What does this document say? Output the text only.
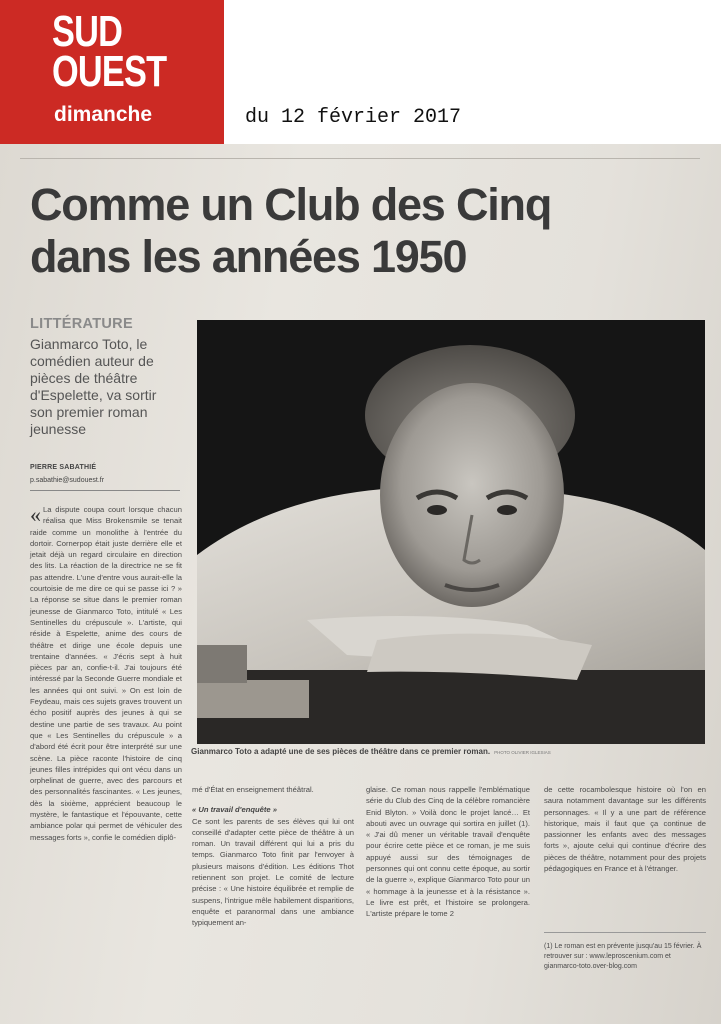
SUD
OUEST
dimanche	du 12 février 2017
Comme un Club des Cinq
dans les années 1950
LITTÉRATURE
Gianmarco Toto, le comédien auteur de pièces de théâtre d'Espelette, va sortir son premier roman jeunesse
PIERRE SABATHIÉ
p.sabathie@sudouest.fr
« La dispute coupa court lorsque chacun réalisa que Miss Brokensmile se tenait raide comme un monolithe à l'entrée du dortoir. Cornerpop était juste derrière elle et jetait déjà un regard circulaire en direction des lits. La réaction de la directrice ne se fit pas attendre. L'une d'entre vous aurait-elle la courtoisie de me dire ce qui se passe ici ? » La réponse se situe dans le premier roman jeunesse de Gianmarco Toto, intitulé « Les Sentinelles du crépuscule ». L'artiste, qui réside à Espelette, anime des cours de théâtre et dirige une école depuis une trentaine d'années. « J'écris sept à huit pièces par an, confie-t-il. J'ai toujours été intéressé par la Seconde Guerre mondiale et les années qui ont suivi. » On est loin de Feydeau, mais ces sujets graves trouvent un écho positif auprès des jeunes à qui se destine une partie de ses travaux. Au point que « Les Sentinelles du crépuscule » a d'abord été écrit pour être interprété sur une scène. La pièce raconte l'histoire de cinq jeunes filles intrépides qui ont vécu dans un orphelinat de guerre, avec des parcours et des personnalités fascinantes. « Les jeunes, dès la sixième, apprécient beaucoup le mystère, le fantastique et l'épouvante, cette ambiance polar qui permet de véhiculer des messages forts », confie le comédien diplô-
Gianmarco Toto a adapté une de ses pièces de théâtre dans ce premier roman. PHOTO OLIVIER IGLESIAS

mé d'État en enseignement théâtral.

« Un travail d'enquête »

Ce sont les parents de ses élèves qui lui ont conseillé d'adapter cette pièce de théâtre à un roman. Un travail différent qui lui a pris du temps. Gianmarco Toto finit par l'envoyer à plusieurs maisons d'édition. Les éditions Thot retiennent son projet. Le comité de lecture précise : « Une histoire équilibrée et remplie de suspens, l'intrigue mêle habilement disparitions, enquête et paranormal dans une ambiance typiquement an-

glaise. Ce roman nous rappelle l'emblématique série du Club des Cinq de la célèbre romancière Enid Blyton. » Voilà donc le projet lancé… Et abouti avec un ouvrage qui sortira en juillet (1). « J'ai dû mener un véritable travail d'enquête pour écrire cette pièce et ce roman, je me suis appuyé aussi sur des témoignages de personnes qui ont connu cette époque, au sortir de la guerre », explique Gianmarco Toto pour un « hommage à la jeunesse et à la résistance ». Le livre est prêt, et l'histoire se prolongera. L'artiste prépare le tome 2

de cette rocambolesque histoire où l'on en saura notamment davantage sur les différents personnages. « Il y a une part de référence historique, mais il faut que ça continue de passionner les enfants avec des messages forts », ajoute celui qui continue d'écrire des pièces de théâtre, notamment pour des projets pédagogiques en France et à l'étranger.

(1) Le roman est en prévente jusqu'au 15 février. À retrouver sur : www.leproscenium.com et gianmarco-toto.over-blog.com
